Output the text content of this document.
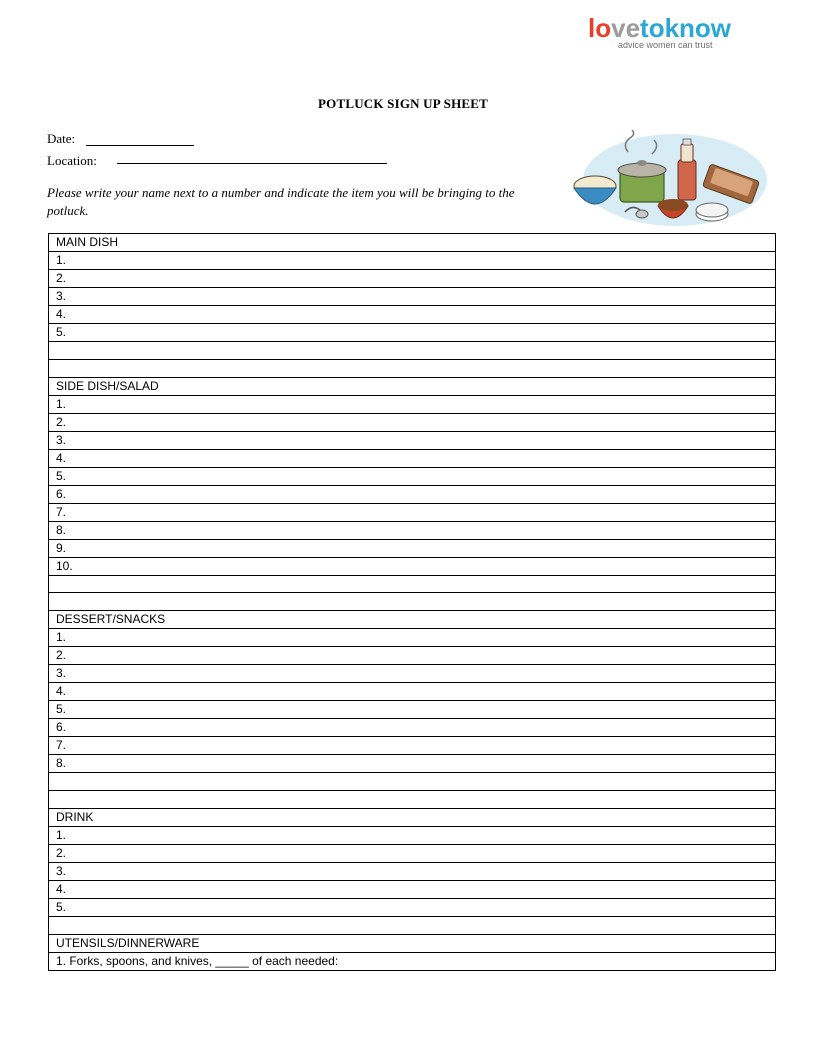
lovetoknow
advice women can trust
POTLUCK SIGN UP SHEET
Date:
Location:
Please write your name next to a number and indicate the item you will be bringing to the potluck.
MAIN DISH
1.
2.
3.
4.
5.

SIDE DISH/SALAD
1.
2.
3.
4.
5.
6.
7.
8.
9.
10.

DESSERT/SNACKS
1.
2.
3.
4.
5.
6.
7.
8.

DRINK
1.
2.
3.
4.
5.

UTENSILS/DINNERWARE
1. Forks, spoons, and knives, _____ of each needed:
